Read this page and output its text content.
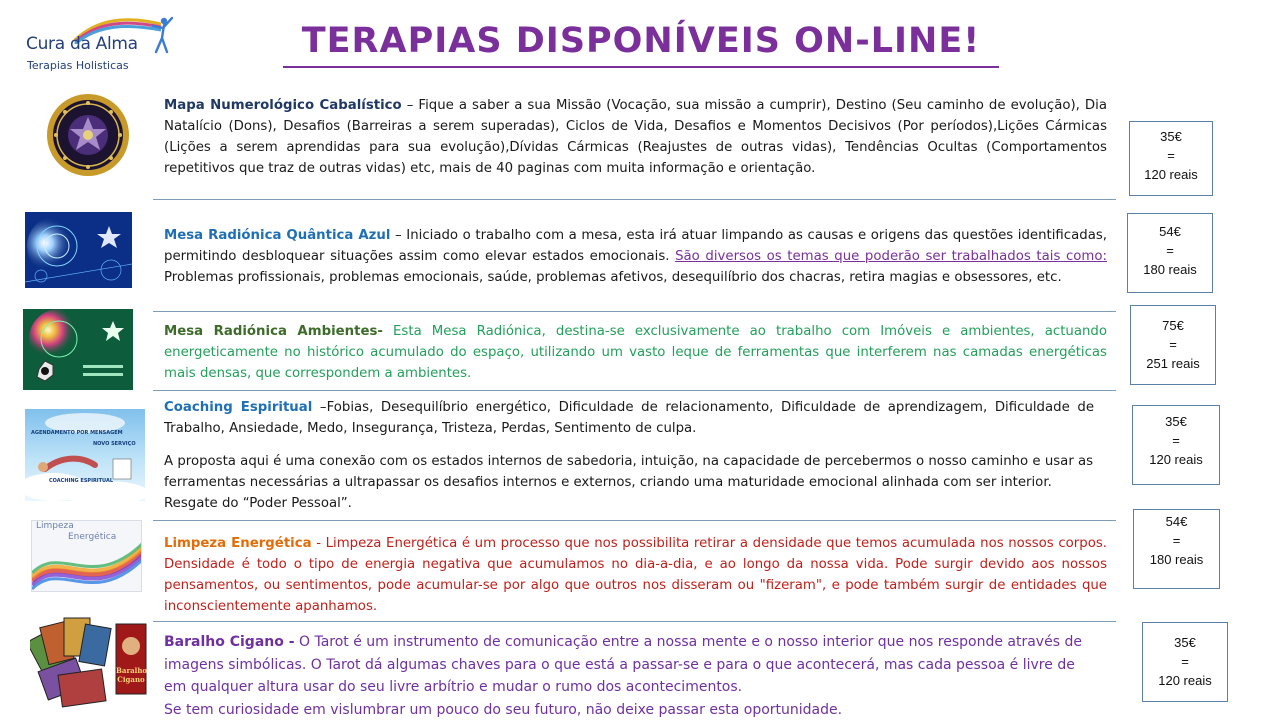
Cura da Alma
Terapias Holisticas
TERAPIAS DISPONÍVEIS ON-LINE!
Mapa Numerológico Cabalístico – Fique a saber a sua Missão (Vocação, sua missão a cumprir), Destino (Seu caminho de evolução), Dia Natalício (Dons), Desafios (Barreiras a serem superadas), Ciclos de Vida, Desafios e Momentos Decisivos (Por períodos),Lições Cármicas (Lições a serem aprendidas para sua evolução),Dívidas Cármicas (Reajustes de outras vidas), Tendências Ocultas (Comportamentos repetitivos que traz de outras vidas) etc, mais de 40 paginas com muita informação e orientação.
35€
=
120 reais
Mesa Radiónica Quântica Azul – Iniciado o trabalho com a mesa, esta irá atuar limpando as causas e origens das questões identificadas, permitindo desbloquear situações assim como elevar estados emocionais. São diversos os temas que poderão ser trabalhados tais como: Problemas profissionais, problemas emocionais, saúde, problemas afetivos, desequilíbrio dos chacras, retira magias e obsessores, etc.
54€
=
180 reais
Mesa Radiónica Ambientes- Esta Mesa Radiónica, destina-se exclusivamente ao trabalho com Imóveis e ambientes, actuando energeticamente no histórico acumulado do espaço, utilizando um vasto leque de ferramentas que interferem nas camadas energéticas mais densas, que correspondem a ambientes.
75€
=
251 reais
AGENDAMENTO POR MENSAGEM
NOVO SERVIÇO
COACHING ESPIRITUAL

Coaching Espiritual –Fobias, Desequilíbrio energético, Dificuldade de relacionamento, Dificuldade de aprendizagem, Dificuldade de Trabalho, Ansiedade, Medo, Insegurança, Tristeza, Perdas, Sentimento de culpa.

A proposta aqui é uma conexão com os estados internos de sabedoria, intuição, na capacidade de percebermos o nosso caminho e usar as ferramentas necessárias a ultrapassar os desafios internos e externos, criando uma maturidade emocional alinhada com ser interior. Resgate do “Poder Pessoal”.

35€
=
120 reais
Limpeza
Energética	Limpeza Energética - Limpeza Energética é um processo que nos possibilita retirar a densidade que temos acumulada nos nossos corpos. Densidade é todo o tipo de energia negativa que acumulamos no dia-a-dia, e ao longo da nossa vida. Pode surgir devido aos nossos pensamentos, ou sentimentos, pode acumular-se por algo que outros nos disseram ou "fizeram", e pode também surgir de entidades que inconscientemente apanhamos.
54€
=
180 reais
Baralho
Cigano
Baralho Cigano - O Tarot é um instrumento de comunicação entre a nossa mente e o nosso interior que nos responde através de imagens simbólicas. O Tarot dá algumas chaves para o que está a passar-se e para o que acontecerá, mas cada pessoa é livre de em qualquer altura usar do seu livre arbítrio e mudar o rumo dos acontecimentos.
Se tem curiosidade em vislumbrar um pouco do seu futuro, não deixe passar esta oportunidade.
35€
=
120 reais
